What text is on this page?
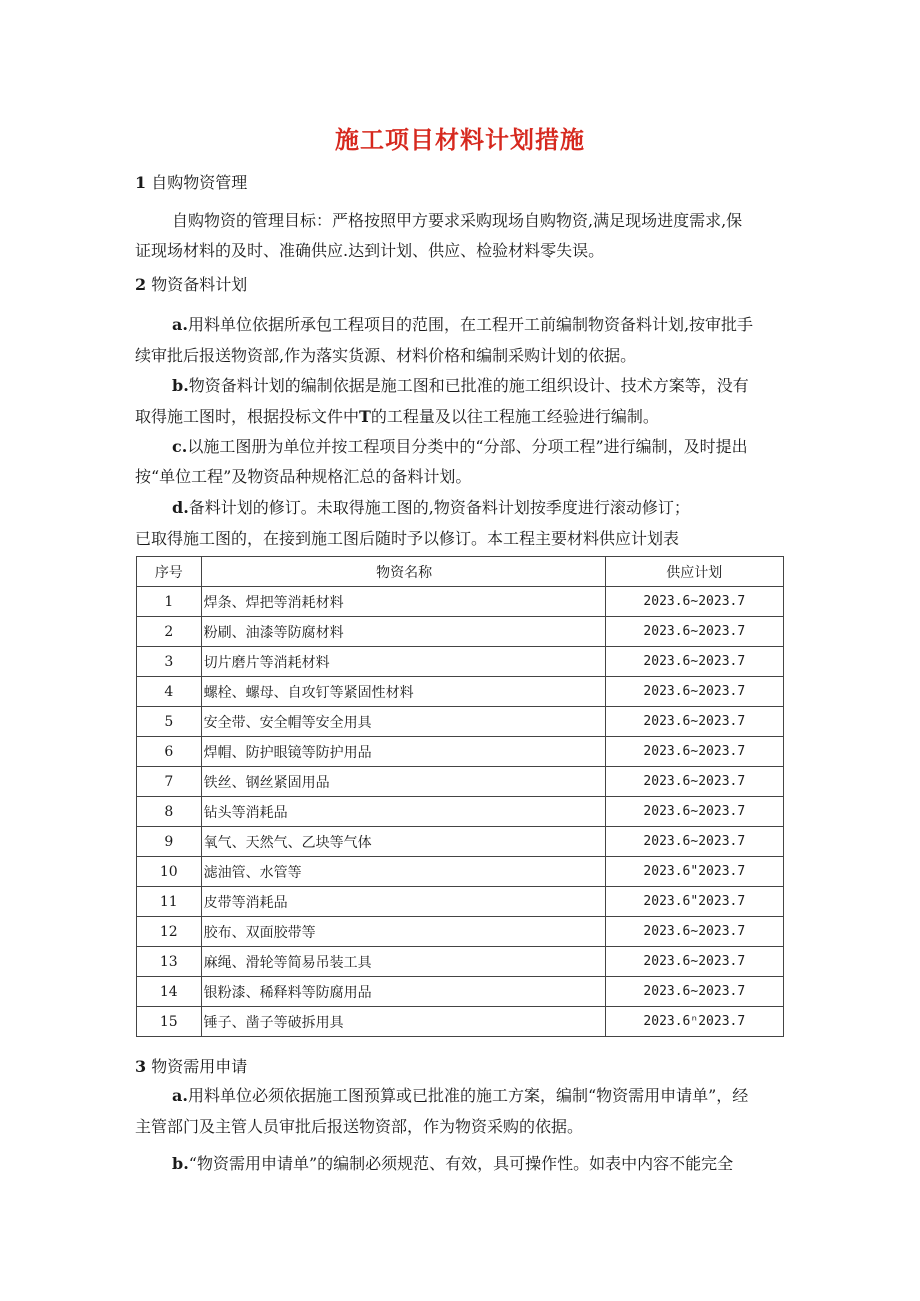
施工项目材料计划措施
1 自购物资管理
自购物资的管理目标：严格按照甲方要求采购现场自购物资,满足现场进度需求,保
证现场材料的及时、准确供应.达到计划、供应、检验材料零失误。
2 物资备料计划
a.用料单位依据所承包工程项目的范围，在工程开工前编制物资备料计划,按审批手
续审批后报送物资部,作为落实货源、材料价格和编制采购计划的依据。
b.物资备料计划的编制依据是施工图和已批准的施工组织设计、技术方案等，没有
取得施工图时，根据投标文件中T的工程量及以往工程施工经验进行编制。
c.以施工图册为单位并按工程项目分类中的“分部、分项工程”进行编制，及时提出
按“单位工程”及物资品种规格汇总的备料计划。
d.备料计划的修订。未取得施工图的,物资备料计划按季度进行滚动修订；
已取得施工图的，在接到施工图后随时予以修订。本工程主要材料供应计划表
序号	物资名称	供应计划
1	焊条、焊把等消耗材料	2023.6~2023.7
2	粉刷、油漆等防腐材料	2023.6~2023.7
3	切片磨片等消耗材料	2023.6~2023.7
4	螺栓、螺母、自攻钉等紧固性材料	2023.6~2023.7
5	安全带、安全帽等安全用具	2023.6~2023.7
6	焊帽、防护眼镜等防护用品	2023.6~2023.7
7	铁丝、钢丝紧固用品	2023.6~2023.7
8	钻头等消耗品	2023.6~2023.7
9	氧气、天然气、乙块等气体	2023.6~2023.7
10	滤油管、水管等	2023.6"2023.7
11	皮带等消耗品	2023.6"2023.7
12	胶布、双面胶带等	2023.6~2023.7
13	麻绳、滑轮等简易吊装工具	2023.6~2023.7
14	银粉漆、稀释料等防腐用品	2023.6~2023.7
15	锤子、凿子等破拆用具	2023.6ⁿ2023.7
3 物资需用申请
a.用料单位必须依据施工图预算或已批准的施工方案，编制“物资需用申请单”，经
主管部门及主管人员审批后报送物资部，作为物资采购的依据。
b.“物资需用申请单”的编制必须规范、有效，具可操作性。如表中内容不能完全
